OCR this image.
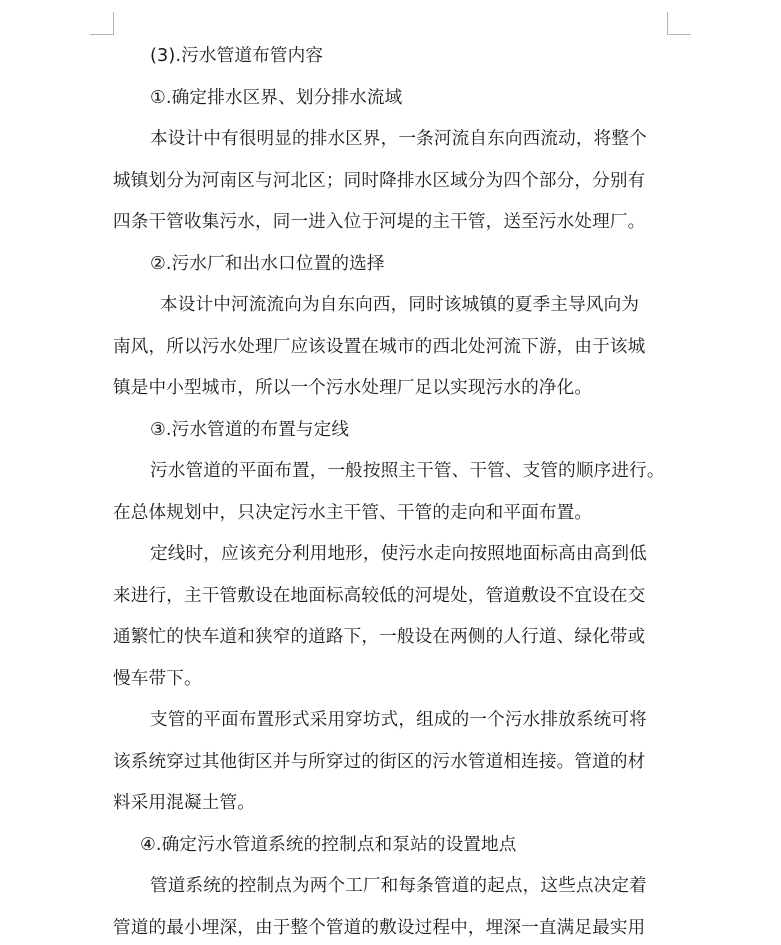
(3).污水管道布管内容
①.确定排水区界、划分排水流域
本设计中有很明显的排水区界，一条河流自东向西流动，将整个
城镇划分为河南区与河北区；同时降排水区域分为四个部分，分别有
四条干管收集污水，同一进入位于河堤的主干管，送至污水处理厂。
②.污水厂和出水口位置的选择
本设计中河流流向为自东向西，同时该城镇的夏季主导风向为
南风，所以污水处理厂应该设置在城市的西北处河流下游，由于该城
镇是中小型城市，所以一个污水处理厂足以实现污水的净化。
③.污水管道的布置与定线
污水管道的平面布置，一般按照主干管、干管、支管的顺序进行。
在总体规划中，只决定污水主干管、干管的走向和平面布置。
定线时，应该充分利用地形，使污水走向按照地面标高由高到低
来进行，主干管敷设在地面标高较低的河堤处，管道敷设不宜设在交
通繁忙的快车道和狭窄的道路下，一般设在两侧的人行道、绿化带或
慢车带下。
支管的平面布置形式采用穿坊式，组成的一个污水排放系统可将
该系统穿过其他街区并与所穿过的街区的污水管道相连接。管道的材
料采用混凝土管。
④.确定污水管道系统的控制点和泵站的设置地点
管道系统的控制点为两个工厂和每条管道的起点，这些点决定着
管道的最小埋深，由于整个管道的敷设过程中，埋深一直满足最实用
